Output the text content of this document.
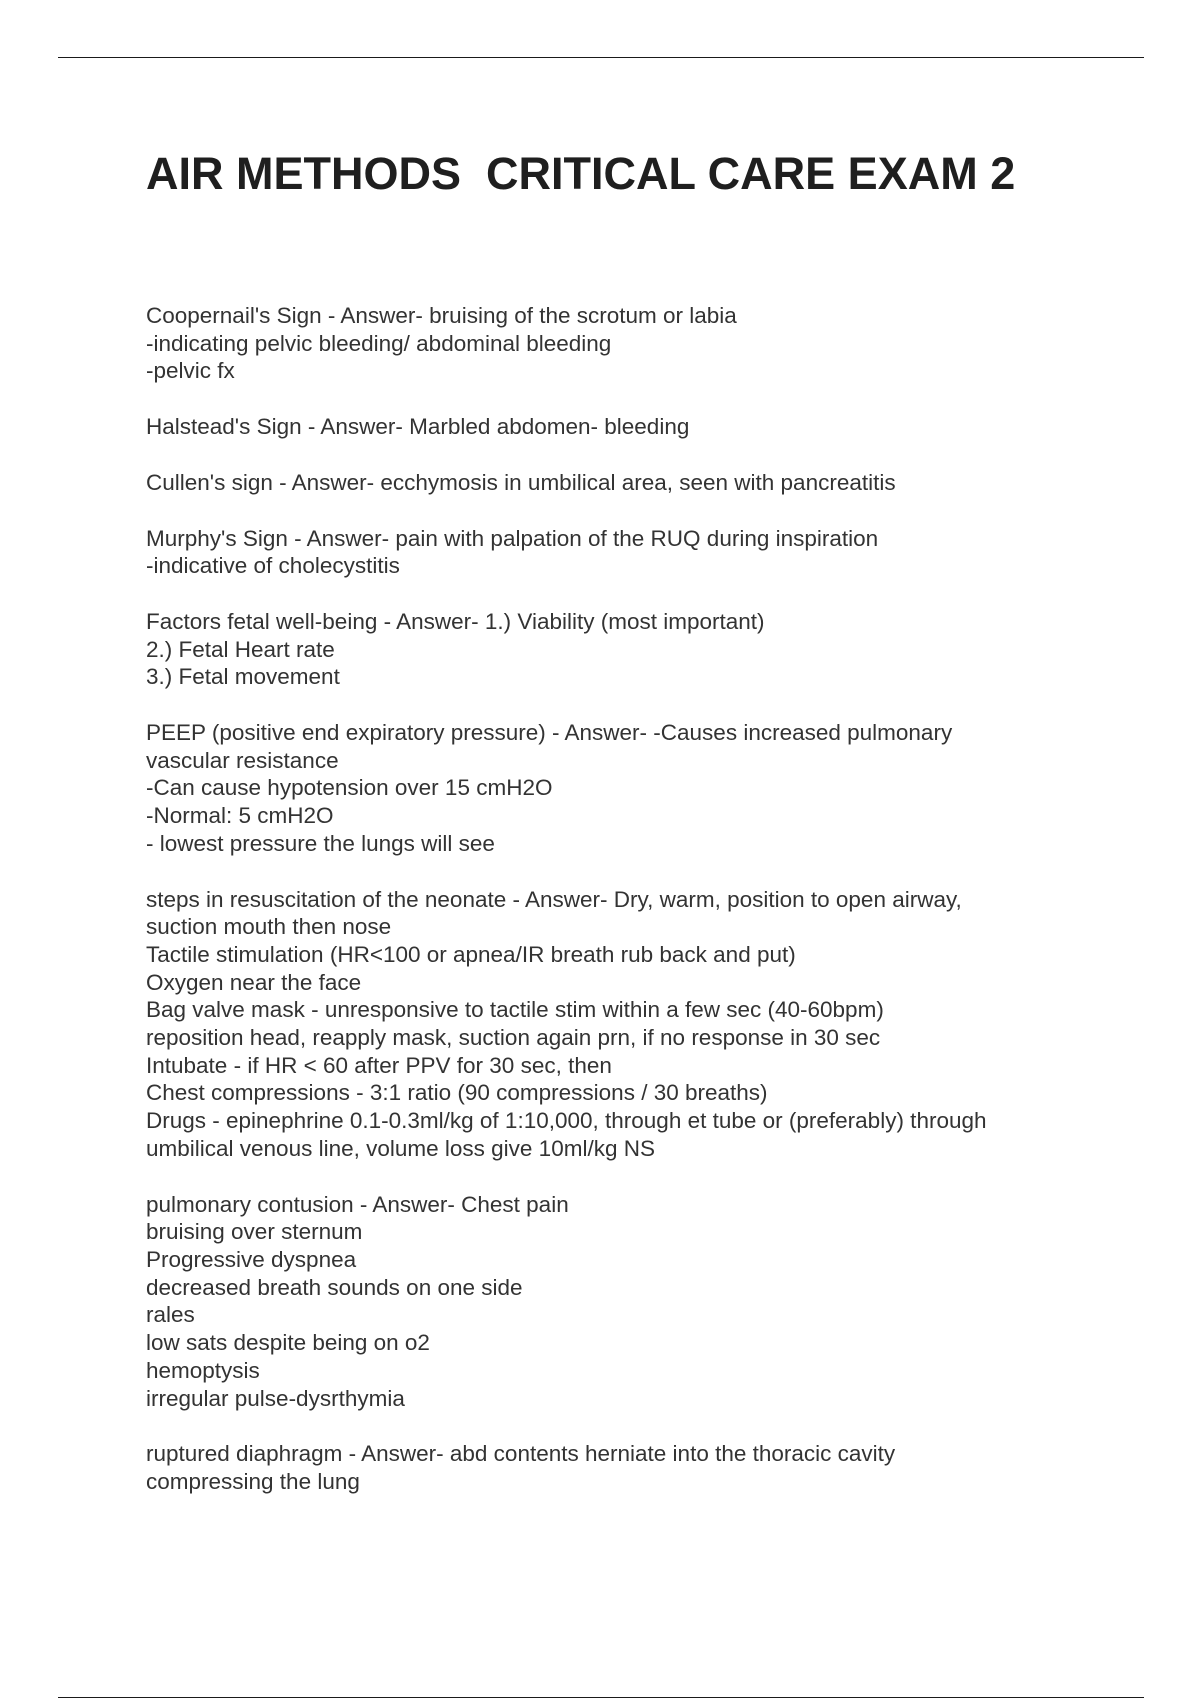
AIR METHODS  CRITICAL CARE EXAM 2
Coopernail's Sign - Answer- bruising of the scrotum or labia
-indicating pelvic bleeding/ abdominal bleeding
-pelvic fx
Halstead's Sign - Answer- Marbled abdomen- bleeding
Cullen's sign - Answer- ecchymosis in umbilical area, seen with pancreatitis
Murphy's Sign - Answer- pain with palpation of the RUQ during inspiration
-indicative of cholecystitis
Factors fetal well-being - Answer- 1.) Viability (most important)
2.) Fetal Heart rate
3.) Fetal movement
PEEP (positive end expiratory pressure) - Answer- -Causes increased pulmonary
vascular resistance
-Can cause hypotension over 15 cmH2O
-Normal: 5 cmH2O
- lowest pressure the lungs will see
steps in resuscitation of the neonate - Answer- Dry, warm, position to open airway,
suction mouth then nose
Tactile stimulation (HR<100 or apnea/IR breath rub back and put)
Oxygen near the face
Bag valve mask - unresponsive to tactile stim within a few sec (40-60bpm)
reposition head, reapply mask, suction again prn, if no response in 30 sec
Intubate - if HR < 60 after PPV for 30 sec, then
Chest compressions - 3:1 ratio (90 compressions / 30 breaths)
Drugs - epinephrine 0.1-0.3ml/kg of 1:10,000, through et tube or (preferably) through
umbilical venous line, volume loss give 10ml/kg NS
pulmonary contusion - Answer- Chest pain
bruising over sternum
Progressive dyspnea
decreased breath sounds on one side
rales
low sats despite being on o2
hemoptysis
irregular pulse-dysrthymia
ruptured diaphragm - Answer- abd contents herniate into the thoracic cavity
compressing the lung
